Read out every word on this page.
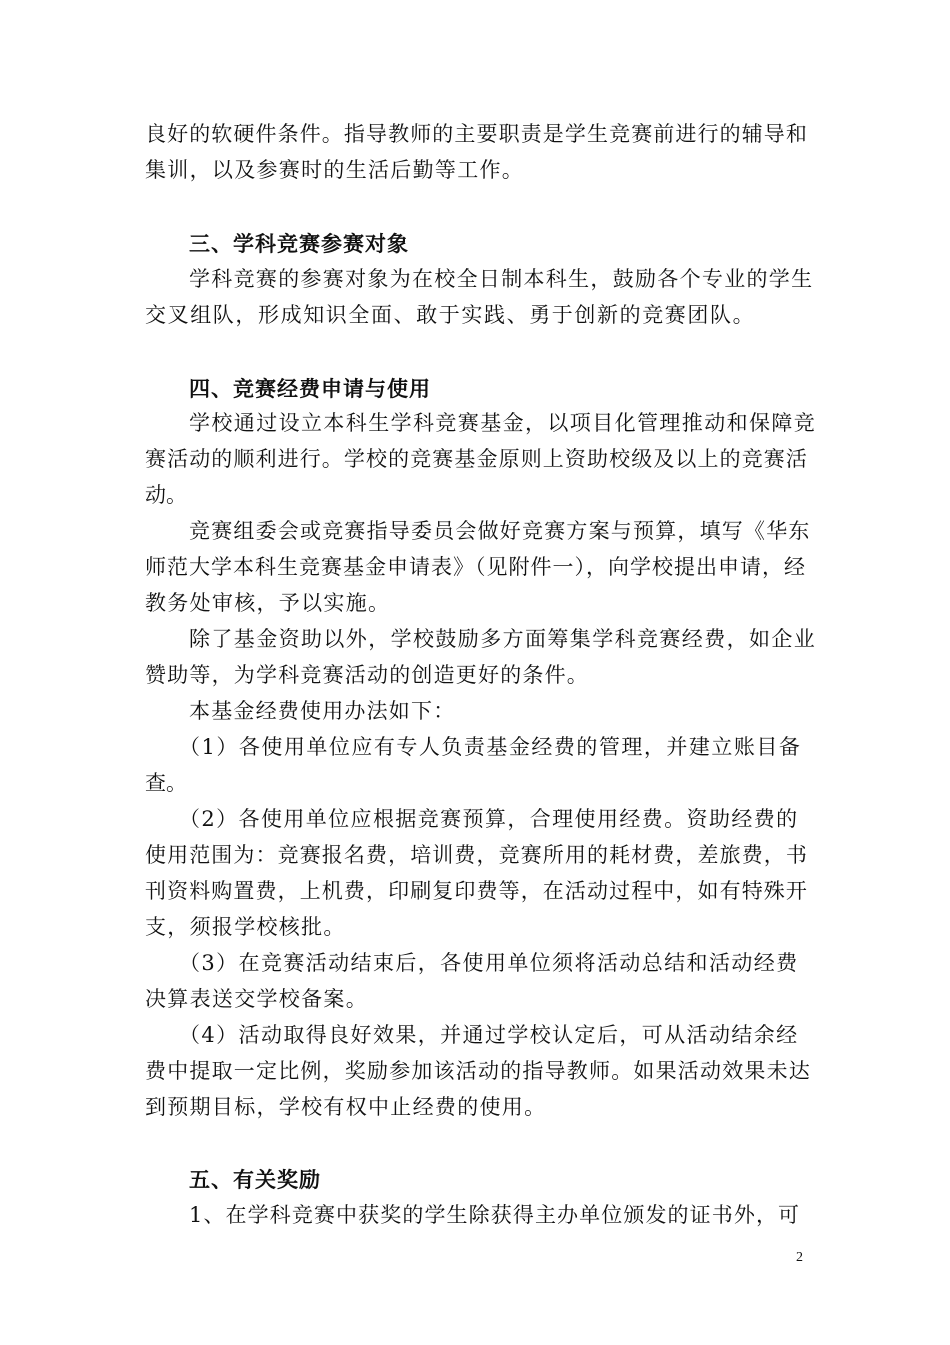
良好的软硬件条件。指导教师的主要职责是学生竞赛前进行的辅导和
集训，以及参赛时的生活后勤等工作。
三、学科竞赛参赛对象
学科竞赛的参赛对象为在校全日制本科生，鼓励各个专业的学生
交叉组队，形成知识全面、敢于实践、勇于创新的竞赛团队。
四、竞赛经费申请与使用
学校通过设立本科生学科竞赛基金，以项目化管理推动和保障竞
赛活动的顺利进行。学校的竞赛基金原则上资助校级及以上的竞赛活
动。
竞赛组委会或竞赛指导委员会做好竞赛方案与预算，填写《华东
师范大学本科生竞赛基金申请表》（见附件一），向学校提出申请，经
教务处审核，予以实施。
除了基金资助以外，学校鼓励多方面筹集学科竞赛经费，如企业
赞助等，为学科竞赛活动的创造更好的条件。
本基金经费使用办法如下：
（1）各使用单位应有专人负责基金经费的管理，并建立账目备
查。
（2）各使用单位应根据竞赛预算，合理使用经费。资助经费的
使用范围为：竞赛报名费，培训费，竞赛所用的耗材费，差旅费，书
刊资料购置费，上机费，印刷复印费等，在活动过程中，如有特殊开
支，须报学校核批。
（3）在竞赛活动结束后，各使用单位须将活动总结和活动经费
决算表送交学校备案。
（4）活动取得良好效果，并通过学校认定后，可从活动结余经
费中提取一定比例，奖励参加该活动的指导教师。如果活动效果未达
到预期目标，学校有权中止经费的使用。
五、有关奖励
1、在学科竞赛中获奖的学生除获得主办单位颁发的证书外，可
2
